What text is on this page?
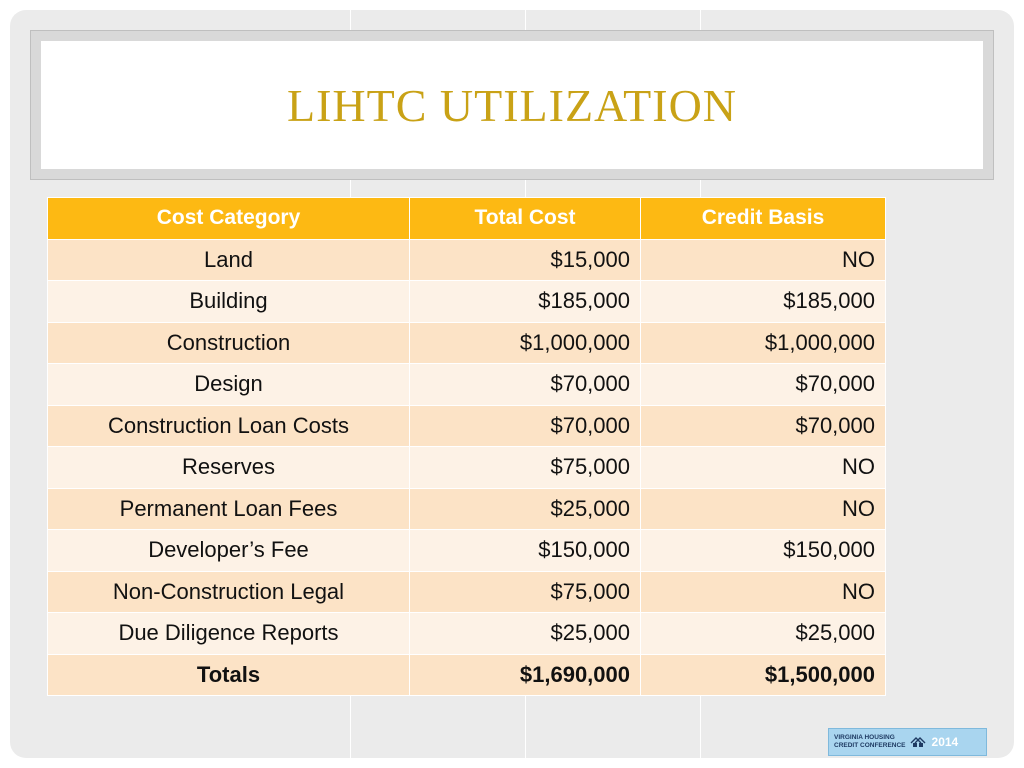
LIHTC UTILIZATION
Cost Category	Total Cost	Credit Basis
Land	$15,000	NO
Building	$185,000	$185,000
Construction	$1,000,000	$1,000,000
Design	$70,000	$70,000
Construction Loan Costs	$70,000	$70,000
Reserves	$75,000	NO
Permanent Loan Fees	$25,000	NO
Developer’s Fee	$150,000	$150,000
Non-Construction Legal	$75,000	NO
Due Diligence Reports	$25,000	$25,000
Totals	$1,690,000	$1,500,000
VIRGINIA HOUSING
CREDIT CONFERENCE 2014
